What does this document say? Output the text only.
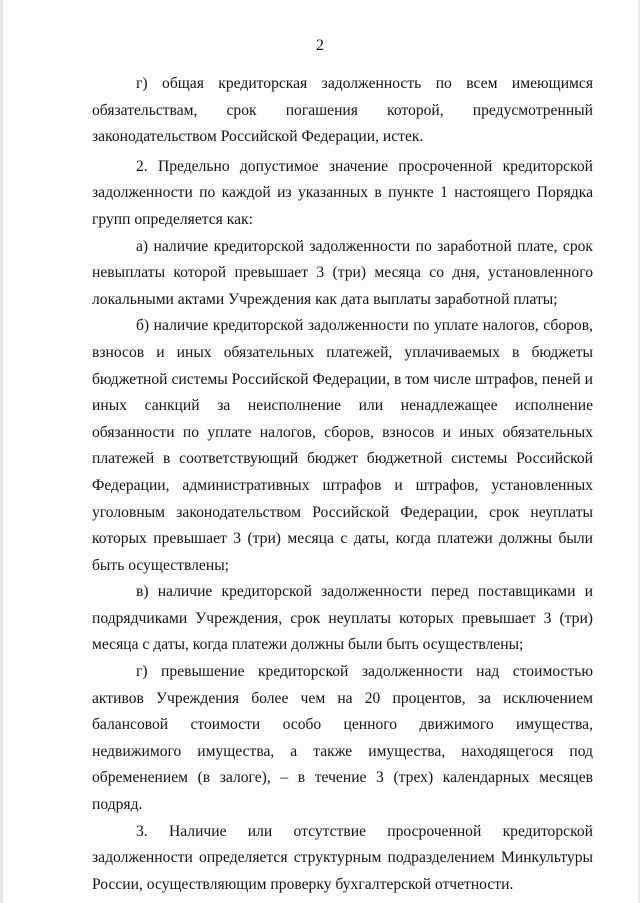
2

г) общая кредиторская задолженность по всем имеющимся обязательствам, срок погашения которой, предусмотренный законодательством Российской Федерации, истек.

2. Предельно допустимое значение просроченной кредиторской задолженности по каждой из указанных в пункте 1 настоящего Порядка групп определяется как:

а) наличие кредиторской задолженности по заработной плате, срок невыплаты которой превышает 3 (три) месяца со дня, установленного локальными актами Учреждения как дата выплаты заработной платы;

б) наличие кредиторской задолженности по уплате налогов, сборов, взносов и иных обязательных платежей, уплачиваемых в бюджеты бюджетной системы Российской Федерации, в том числе штрафов, пеней и иных санкций за неисполнение или ненадлежащее исполнение обязанности по уплате налогов, сборов, взносов и иных обязательных платежей в соответствующий бюджет бюджетной системы Российской Федерации, административных штрафов и штрафов, установленных уголовным законодательством Российской Федерации, срок неуплаты которых превышает 3 (три) месяца с даты, когда платежи должны были быть осуществлены;

в) наличие кредиторской задолженности перед поставщиками и подрядчиками Учреждения, срок неуплаты которых превышает 3 (три) месяца с даты, когда платежи должны были быть осуществлены;

г) превышение кредиторской задолженности над стоимостью активов Учреждения более чем на 20 процентов, за исключением балансовой стоимости особо ценного движимого имущества, недвижимого имущества, а также имущества, находящегося под обременением (в залоге), – в течение 3 (трех) календарных месяцев подряд.

3. Наличие или отсутствие просроченной кредиторской задолженности определяется структурным подразделением Минкультуры России, осуществляющим проверку бухгалтерской отчетности.
